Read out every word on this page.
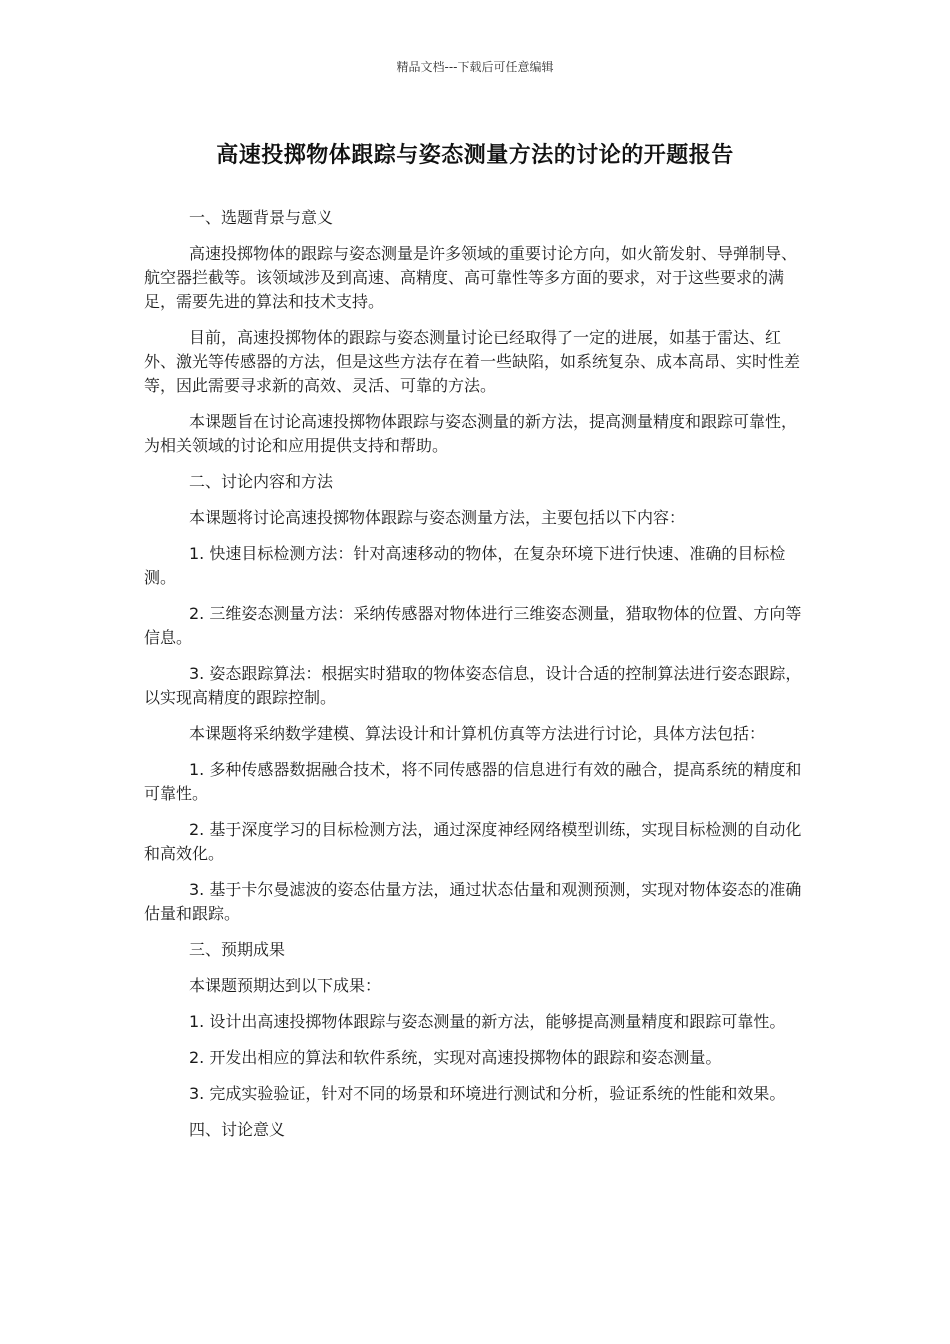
精品文档---下载后可任意编辑
高速投掷物体跟踪与姿态测量方法的讨论的开题报告
一、选题背景与意义

高速投掷物体的跟踪与姿态测量是许多领域的重要讨论方向，如火箭发射、导弹制导、航空器拦截等。该领域涉及到高速、高精度、高可靠性等多方面的要求，对于这些要求的满足，需要先进的算法和技术支持。

目前，高速投掷物体的跟踪与姿态测量讨论已经取得了一定的进展，如基于雷达、红外、激光等传感器的方法，但是这些方法存在着一些缺陷，如系统复杂、成本高昂、实时性差等，因此需要寻求新的高效、灵活、可靠的方法。

本课题旨在讨论高速投掷物体跟踪与姿态测量的新方法，提高测量精度和跟踪可靠性，为相关领域的讨论和应用提供支持和帮助。

二、讨论内容和方法

本课题将讨论高速投掷物体跟踪与姿态测量方法，主要包括以下内容：

1. 快速目标检测方法：针对高速移动的物体，在复杂环境下进行快速、准确的目标检测。

2. 三维姿态测量方法：采纳传感器对物体进行三维姿态测量，猎取物体的位置、方向等信息。

3. 姿态跟踪算法：根据实时猎取的物体姿态信息，设计合适的控制算法进行姿态跟踪，以实现高精度的跟踪控制。

本课题将采纳数学建模、算法设计和计算机仿真等方法进行讨论，具体方法包括：

1. 多种传感器数据融合技术，将不同传感器的信息进行有效的融合，提高系统的精度和可靠性。

2. 基于深度学习的目标检测方法，通过深度神经网络模型训练，实现目标检测的自动化和高效化。

3. 基于卡尔曼滤波的姿态估量方法，通过状态估量和观测预测，实现对物体姿态的准确估量和跟踪。

三、预期成果

本课题预期达到以下成果：

1. 设计出高速投掷物体跟踪与姿态测量的新方法，能够提高测量精度和跟踪可靠性。

2. 开发出相应的算法和软件系统，实现对高速投掷物体的跟踪和姿态测量。

3. 完成实验验证，针对不同的场景和环境进行测试和分析，验证系统的性能和效果。

四、讨论意义
